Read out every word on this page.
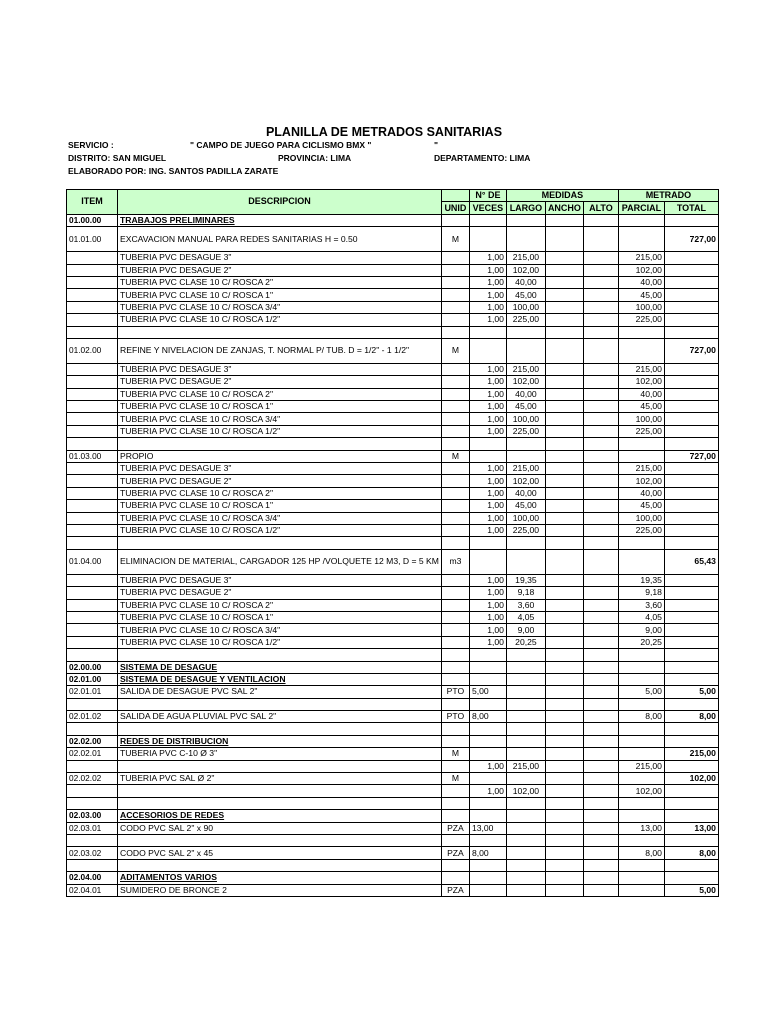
PLANILLA DE METRADOS SANITARIAS
SERVICIO :	" CAMPO DE JUEGO PARA CICLISMO BMX "	"
DISTRITO: SAN MIGUEL	PROVINCIA: LIMA	DEPARTAMENTO: LIMA
ELABORADO POR: ING. SANTOS PADILLA ZARATE
ITEM	DESCRIPCION		N° DE	MEDIDAS			METRADO	
		UNID	VECES	LARGO	ANCHO	ALTO	PARCIAL	TOTAL
01.00.00	TRABAJOS PRELIMINARES							
01.01.00	EXCAVACION MANUAL PARA REDES SANITARIAS H = 0.50	M						727,00
	TUBERIA PVC DESAGUE 3"		1,00	215,00			215,00	
	TUBERIA PVC DESAGUE 2"		1,00	102,00			102,00	
	TUBERIA PVC CLASE 10 C/ ROSCA 2"		1,00	40,00			40,00	
	TUBERIA PVC CLASE 10 C/ ROSCA 1"		1,00	45,00			45,00	
	TUBERIA PVC CLASE 10 C/ ROSCA 3/4"		1,00	100,00			100,00	
	TUBERIA PVC CLASE 10 C/ ROSCA 1/2"		1,00	225,00			225,00	

01.02.00	REFINE Y NIVELACION DE ZANJAS, T. NORMAL P/ TUB. D = 1/2" - 1 1/2"	M						727,00
	TUBERIA PVC DESAGUE 3"		1,00	215,00			215,00	
	TUBERIA PVC DESAGUE 2"		1,00	102,00			102,00	
	TUBERIA PVC CLASE 10 C/ ROSCA 2"		1,00	40,00			40,00	
	TUBERIA PVC CLASE 10 C/ ROSCA 1"		1,00	45,00			45,00	
	TUBERIA PVC CLASE 10 C/ ROSCA 3/4"		1,00	100,00			100,00	
	TUBERIA PVC CLASE 10 C/ ROSCA 1/2"		1,00	225,00			225,00	

01.03.00	PROPIO	M						727,00
	TUBERIA PVC DESAGUE 3"		1,00	215,00			215,00	
	TUBERIA PVC DESAGUE 2"		1,00	102,00			102,00	
	TUBERIA PVC CLASE 10 C/ ROSCA 2"		1,00	40,00			40,00	
	TUBERIA PVC CLASE 10 C/ ROSCA 1"		1,00	45,00			45,00	
	TUBERIA PVC CLASE 10 C/ ROSCA 3/4"		1,00	100,00			100,00	
	TUBERIA PVC CLASE 10 C/ ROSCA 1/2"		1,00	225,00			225,00	

01.04.00	ELIMINACION DE MATERIAL, CARGADOR 125 HP /VOLQUETE 12 M3, D = 5 KM	m3						65,43
	TUBERIA PVC DESAGUE 3"		1,00	19,35			19,35	
	TUBERIA PVC DESAGUE 2"		1,00	9,18			9,18	
	TUBERIA PVC CLASE 10 C/ ROSCA 2"		1,00	3,60			3,60	
	TUBERIA PVC CLASE 10 C/ ROSCA 1"		1,00	4,05			4,05	
	TUBERIA PVC CLASE 10 C/ ROSCA 3/4"		1,00	9,00			9,00	
	TUBERIA PVC CLASE 10 C/ ROSCA 1/2"		1,00	20,25			20,25	

02.00.00	SISTEMA DE DESAGUE							
02.01.00	SISTEMA DE DESAGUE Y VENTILACION							
02.01.01	SALIDA DE DESAGUE PVC SAL 2"	PTO	5,00				5,00	5,00

02.01.02	SALIDA DE AGUA PLUVIAL PVC SAL 2"	PTO	8,00				8,00	8,00

02.02.00	REDES DE DISTRIBUCION							
02.02.01	TUBERIA PVC C-10 Ø 3"	M						215,00
			1,00	215,00			215,00	
02.02.02	TUBERIA PVC SAL Ø 2"	M						102,00
			1,00	102,00			102,00	

02.03.00	ACCESORIOS DE REDES							
02.03.01	CODO PVC SAL 2" x 90	PZA	13,00				13,00	13,00

02.03.02	CODO PVC SAL 2" x 45	PZA	8,00				8,00	8,00

02.04.00	ADITAMENTOS VARIOS							
02.04.01	SUMIDERO DE BRONCE 2	PZA						5,00
